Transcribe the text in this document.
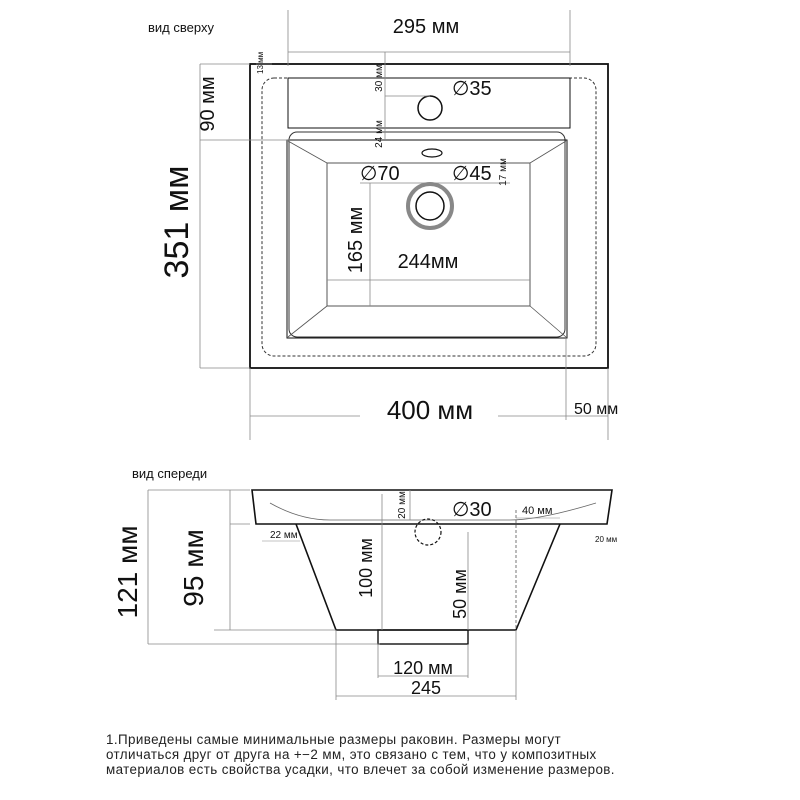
вид сверху	295 мм
13 мм
90 мм
351 мм
30 мм
24 мм
∅35
∅70	∅45 17 мм
165 мм 244мм
400 мм	50 мм
вид спереди
121 мм 95 мм
20 мм ∅30	40 мм
22 мм	20 мм
100 мм	50 мм
120 мм
245
1.Приведены самые минимальные размеры раковин. Размеры могут
отличаться друг от друга на +−2 мм, это связано с тем, что у композитных
материалов есть свойства усадки, что влечет за собой изменение размеров.
